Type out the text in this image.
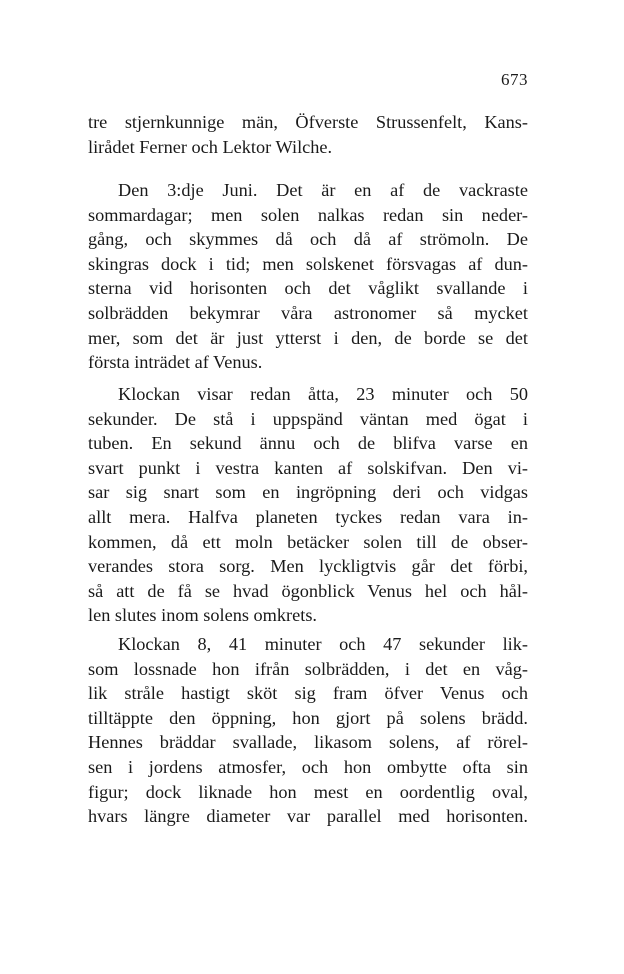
673
tre stjernkunnige män, Öfverste Strussenfelt, Kans-
lirådet Ferner och Lektor Wilche.
Den 3:dje Juni. Det är en af de vackraste
sommardagar; men solen nalkas redan sin neder-
gång, och skymmes då och då af strömoln. De
skingras dock i tid; men solskenet försvagas af dun-
sterna vid horisonten och det våglikt svallande i
solbrädden bekymrar våra astronomer så mycket
mer, som det är just ytterst i den, de borde se det
första inträdet af Venus.
Klockan visar redan åtta, 23 minuter och 50
sekunder. De stå i uppspänd väntan med ögat i
tuben. En sekund ännu och de blifva varse en
svart punkt i vestra kanten af solskifvan. Den vi-
sar sig snart som en ingröpning deri och vidgas
allt mera. Halfva planeten tyckes redan vara in-
kommen, då ett moln betäcker solen till de obser-
verandes stora sorg. Men lyckligtvis går det förbi,
så att de få se hvad ögonblick Venus hel och hål-
len slutes inom solens omkrets.
Klockan 8, 41 minuter och 47 sekunder lik-
som lossnade hon ifrån solbrädden, i det en våg-
lik stråle hastigt sköt sig fram öfver Venus och
tilltäppte den öppning, hon gjort på solens brädd.
Hennes bräddar svallade, likasom solens, af rörel-
sen i jordens atmosfer, och hon ombytte ofta sin
figur; dock liknade hon mest en oordentlig oval,
hvars längre diameter var parallel med horisonten.
